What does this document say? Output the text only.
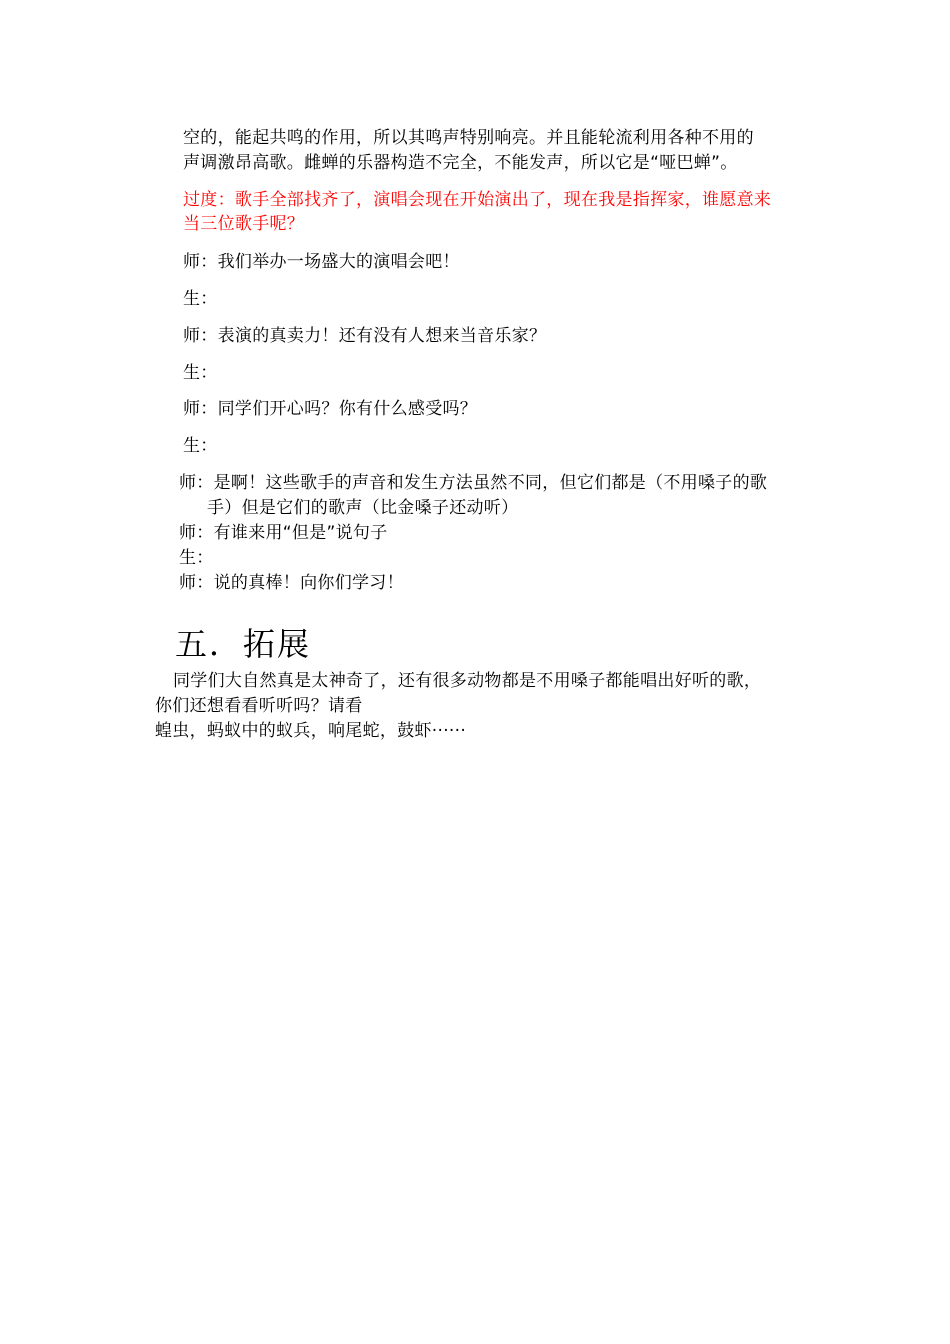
空的，能起共鸣的作用，所以其鸣声特别响亮。并且能轮流利用各种不用的
声调激昂高歌。雌蝉的乐器构造不完全，不能发声，所以它是“哑巴蝉”。
过度：歌手全部找齐了，演唱会现在开始演出了，现在我是指挥家，谁愿意来
当三位歌手呢？
师：我们举办一场盛大的演唱会吧！
生：
师：表演的真卖力！还有没有人想来当音乐家？
生：
师：同学们开心吗？你有什么感受吗？
生：
师：是啊！这些歌手的声音和发生方法虽然不同，但它们都是（不用嗓子的歌
手）但是它们的歌声（比金嗓子还动听）
师：有谁来用“但是”说句子
生：
师：说的真棒！向你们学习！
五．拓展
同学们大自然真是太神奇了，还有很多动物都是不用嗓子都能唱出好听的歌，
你们还想看看听听吗？请看
蝗虫，蚂蚁中的蚁兵，响尾蛇，鼓虾······
